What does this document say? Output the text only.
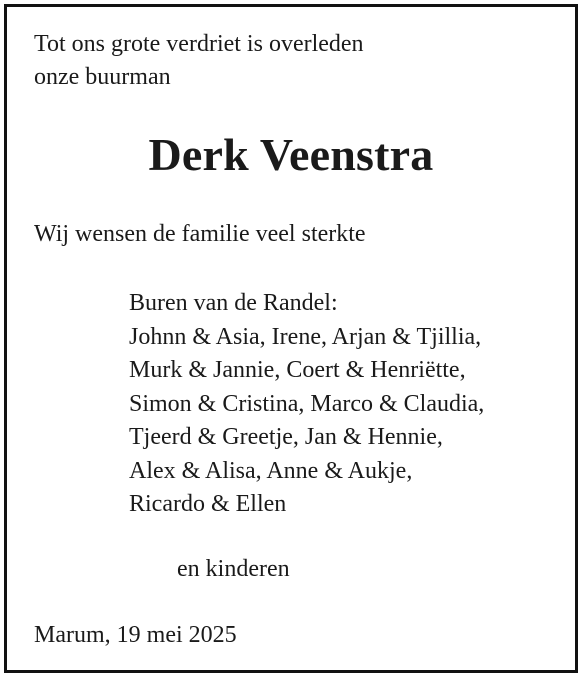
Tot ons grote verdriet is overleden
onze buurman
Derk Veenstra
Wij wensen de familie veel sterkte
Buren van de Randel:
Johnn & Asia, Irene, Arjan & Tjillia,
Murk & Jannie, Coert & Henriëtte,
Simon & Cristina, Marco & Claudia,
Tjeerd & Greetje, Jan & Hennie,
Alex & Alisa, Anne & Aukje,
Ricardo & Ellen
en kinderen
Marum, 19 mei 2025
